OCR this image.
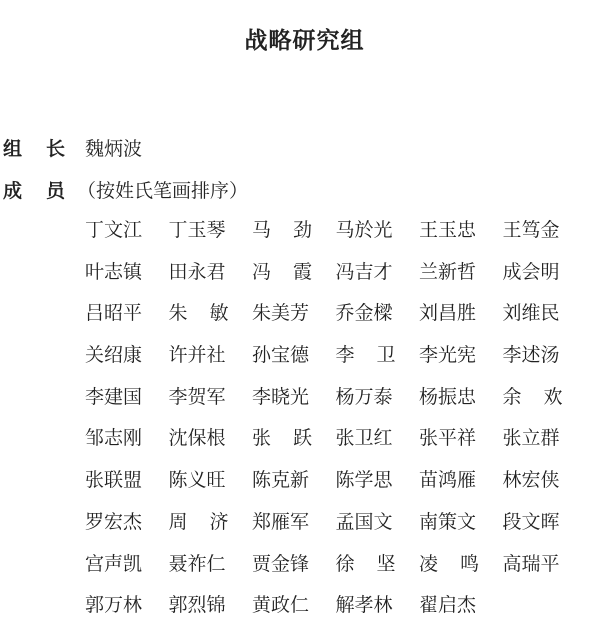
战略研究组
组 长 魏炳波
成 员 （按姓氏笔画排序）
丁文江 丁玉琴 马 劲 马於光 王玉忠 王笃金
叶志镇 田永君 冯 霞 冯吉才 兰新哲 成会明
吕昭平 朱 敏 朱美芳 乔金樑 刘昌胜 刘维民
关绍康 许并社 孙宝德 李 卫 李光宪 李述汤
李建国 李贺军 李晓光 杨万泰 杨振忠 余 欢
邹志刚 沈保根 张 跃 张卫红 张平祥 张立群
张联盟 陈义旺 陈克新 陈学思 苗鸿雁 林宏侠
罗宏杰 周 济 郑雁军 孟国文 南策文 段文晖
宫声凯 聂祚仁 贾金锋 徐 坚 凌 鸣 高瑞平
郭万林 郭烈锦 黄政仁 解孝林 翟启杰
